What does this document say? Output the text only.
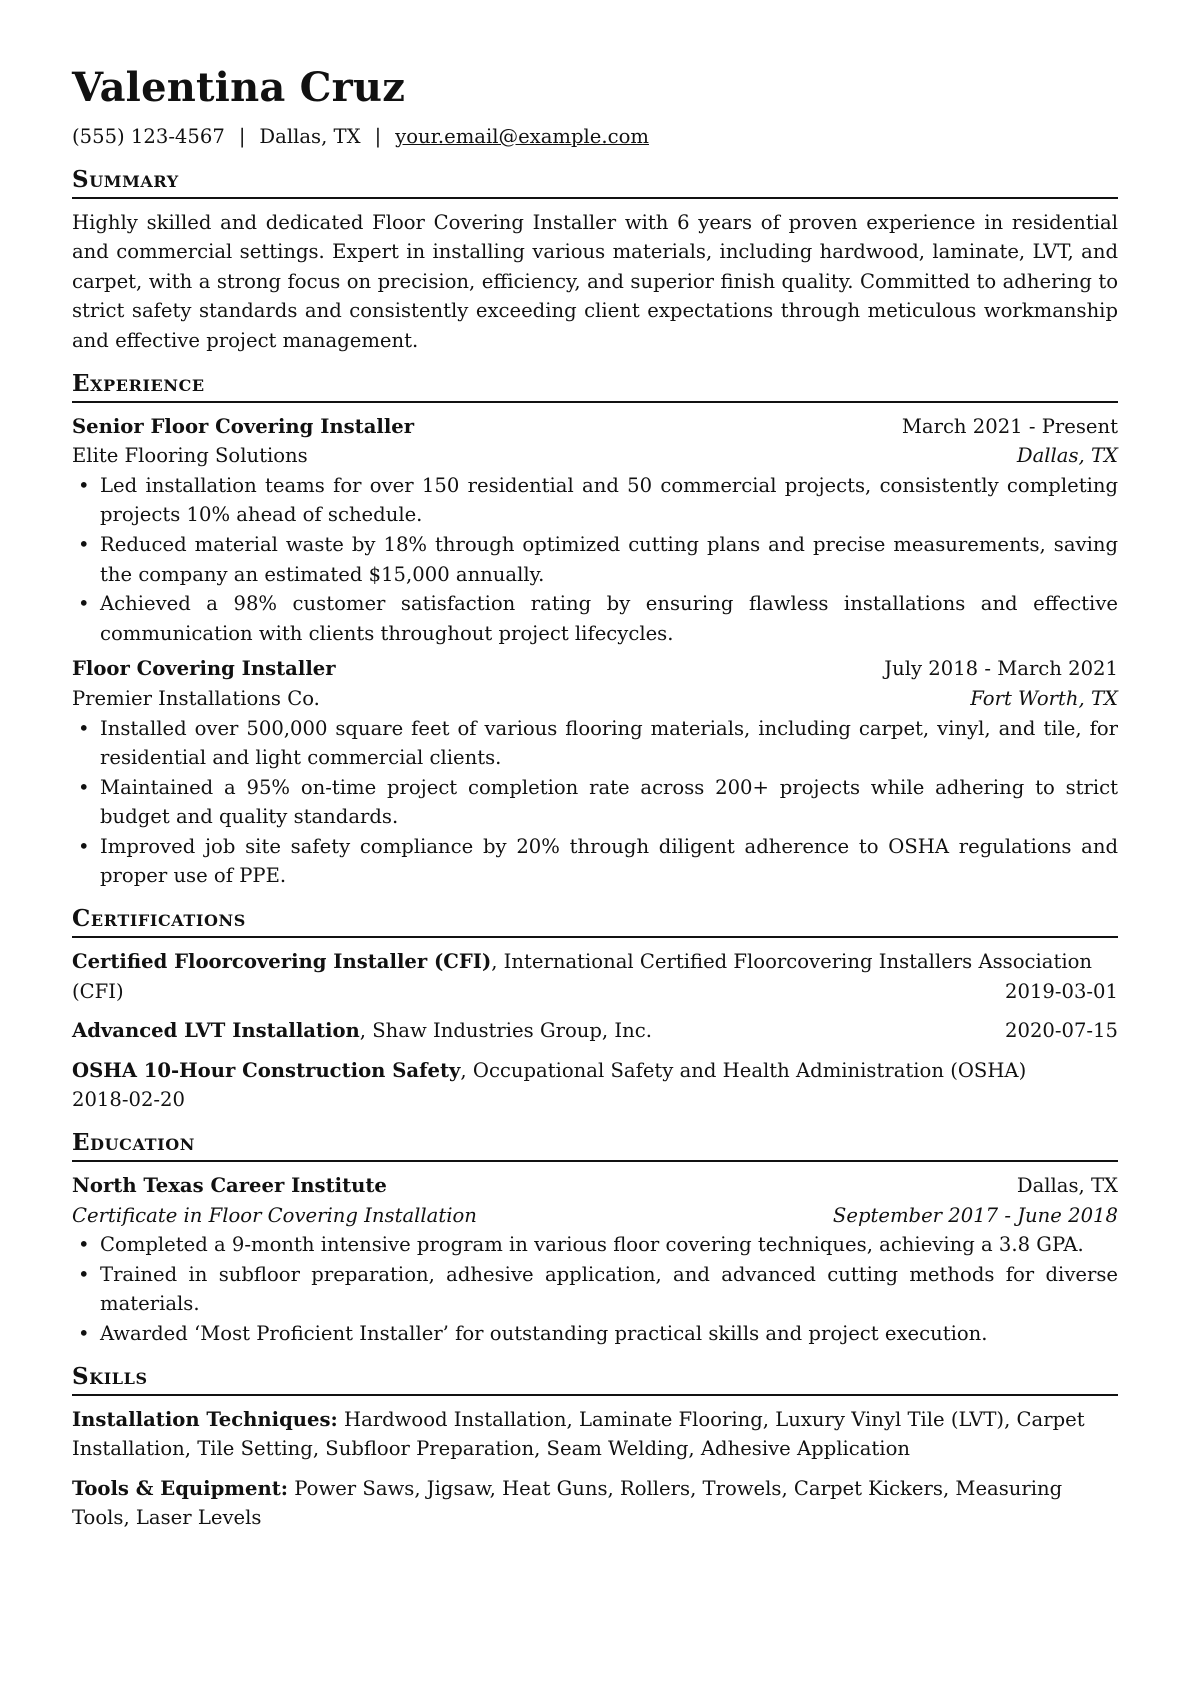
Valentina Cruz
(555) 123-4567 | Dallas, TX | your.email@example.com
Summary
Highly skilled and dedicated Floor Covering Installer with 6 years of proven experience in residential and commercial settings. Expert in installing various materials, including hardwood, laminate, LVT, and carpet, with a strong focus on precision, efficiency, and superior finish quality. Committed to adhering to strict safety standards and consistently exceeding client expectations through meticulous workmanship and effective project management.
Experience
Senior Floor Covering Installer	March 2021 - Present
Elite Flooring Solutions	Dallas, TX
• Led installation teams for over 150 residential and 50 commercial projects, consistently completing projects 10% ahead of schedule.
• Reduced material waste by 18% through optimized cutting plans and precise measurements, saving the company an estimated $15,000 annually.
• Achieved a 98% customer satisfaction rating by ensuring flawless installations and effective communication with clients throughout project lifecycles.
Floor Covering Installer	July 2018 - March 2021
Premier Installations Co.	Fort Worth, TX
• Installed over 500,000 square feet of various flooring materials, including carpet, vinyl, and tile, for residential and light commercial clients.
• Maintained a 95% on-time project completion rate across 200+ projects while adhering to strict budget and quality standards.
• Improved job site safety compliance by 20% through diligent adherence to OSHA regulations and proper use of PPE.
Certifications
Certified Floorcovering Installer (CFI), International Certified Floorcovering Installers Association
(CFI)	2019-03-01
Advanced LVT Installation, Shaw Industries Group, Inc.	2020-07-15
OSHA 10-Hour Construction Safety, Occupational Safety and Health Administration (OSHA)
2018-02-20
Education
North Texas Career Institute	Dallas, TX
Certificate in Floor Covering Installation	September 2017 - June 2018
• Completed a 9-month intensive program in various floor covering techniques, achieving a 3.8 GPA.
• Trained in subfloor preparation, adhesive application, and advanced cutting methods for diverse materials.
• Awarded ‘Most Proficient Installer’ for outstanding practical skills and project execution.
Skills
Installation Techniques: Hardwood Installation, Laminate Flooring, Luxury Vinyl Tile (LVT), Carpet Installation, Tile Setting, Subfloor Preparation, Seam Welding, Adhesive Application
Tools & Equipment: Power Saws, Jigsaw, Heat Guns, Rollers, Trowels, Carpet Kickers, Measuring Tools, Laser Levels
